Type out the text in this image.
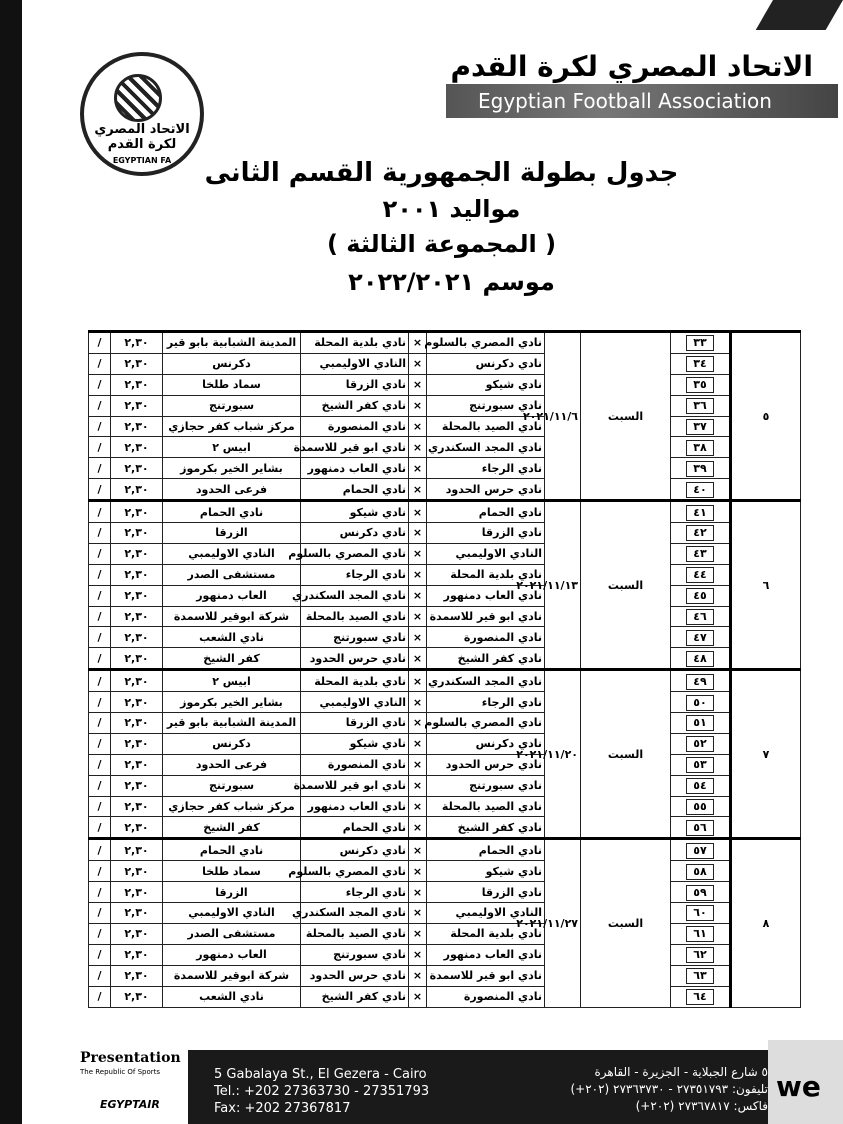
الاتحاد المصري لكرة القدم
EGYPTIAN FA
الاتحاد المصري لكرة القدم
Egyptian Football Association
جدول بطولة الجمهورية القسم الثانى
مواليد ٢٠٠١
( المجموعة الثالثة )
موسم ٢٠٢٢/٢٠٢١
٥	٣٣	السبت	٢٠٢١/١١/٦	نادي المصري بالسلوم	×	نادي بلدية المحلة	المدينة الشبابية بابو قير	٢,٣٠	/
	٣٤			نادي دكرنس	×	النادي الاوليمبي	دكرنس	٢,٣٠	/
	٣٥			نادي شيكو	×	نادي الزرقا	سماد طلخا	٢,٣٠	/
	٣٦			نادي سبورتنج	×	نادي كفر الشيخ	سبورتنج	٢,٣٠	/
	٣٧			نادي الصيد بالمحلة	×	نادي المنصورة	مركز شباب كفر حجازي	٢,٣٠	/
	٣٨			نادي المجد السكندري	×	نادي ابو قير للاسمدة	ابيس ٢	٢,٣٠	/
	٣٩			نادي الرجاء	×	نادي العاب دمنهور	بشاير الخير بكرموز	٢,٣٠	/
	٤٠			نادي حرس الحدود	×	نادي الحمام	فرعى الحدود	٢,٣٠	/
٦	٤١	السبت	٢٠٢١/١١/١٣	نادي الحمام	×	نادي شيكو	نادي الحمام	٢,٣٠	/
	٤٢			نادي الزرقا	×	نادي دكرنس	الزرقا	٢,٣٠	/
	٤٣			النادي الاوليمبي	×	نادي المصري بالسلوم	النادي الاوليمبي	٢,٣٠	/
	٤٤			نادي بلدية المحلة	×	نادي الرجاء	مستشفى الصدر	٢,٣٠	/
	٤٥			نادي العاب دمنهور	×	نادي المجد السكندري	العاب دمنهور	٢,٣٠	/
	٤٦			نادي ابو قير للاسمدة	×	نادي الصيد بالمحلة	شركة ابوقير للاسمدة	٢,٣٠	/
	٤٧			نادي المنصورة	×	نادي سبورتنج	نادي الشعب	٢,٣٠	/
	٤٨			نادي كفر الشيخ	×	نادي حرس الحدود	كفر الشيخ	٢,٣٠	/
٧	٤٩	السبت	٢٠٢١/١١/٢٠	نادي المجد السكندري	×	نادي بلدية المحلة	ابيس ٢	٢,٣٠	/
	٥٠			نادي الرجاء	×	النادي الاوليمبي	بشاير الخير بكرموز	٢,٣٠	/
	٥١			نادي المصري بالسلوم	×	نادي الزرقا	المدينة الشبابية بابو قير	٢,٣٠	/
	٥٢			نادي دكرنس	×	نادي شيكو	دكرنس	٢,٣٠	/
	٥٣			نادي حرس الحدود	×	نادي المنصورة	فرعى الحدود	٢,٣٠	/
	٥٤			نادي سبورتنج	×	نادي ابو قير للاسمدة	سبورتنج	٢,٣٠	/
	٥٥			نادي الصيد بالمحلة	×	نادي العاب دمنهور	مركز شباب كفر حجازي	٢,٣٠	/
	٥٦			نادي كفر الشيخ	×	نادي الحمام	كفر الشيخ	٢,٣٠	/
٨	٥٧	السبت	٢٠٢١/١١/٢٧	نادي الحمام	×	نادي دكرنس	نادي الحمام	٢,٣٠	/
	٥٨			نادي شيكو	×	نادي المصري بالسلوم	سماد طلخا	٢,٣٠	/
	٥٩			نادي الزرقا	×	نادي الرجاء	الزرقا	٢,٣٠	/
	٦٠			النادي الاوليمبي	×	نادي المجد السكندري	النادي الاوليمبي	٢,٣٠	/
	٦١			نادي بلدية المحلة	×	نادي الصيد بالمحلة	مستشفى الصدر	٢,٣٠	/
	٦٢			نادي العاب دمنهور	×	نادي سبورتنج	العاب دمنهور	٢,٣٠	/
	٦٣			نادي ابو قير للاسمدة	×	نادي حرس الحدود	شركة ابوقير للاسمدة	٢,٣٠	/
	٦٤			نادي المنصورة	×	نادي كفر الشيخ	نادي الشعب	٢,٣٠	/
Presentation
The Republic Of Sports
EGYPTAIR
5 Gabalaya St., El Gezera - Cairo
Tel.: +202 27363730 - 27351793
Fax: +202 27367817
٥ شارع الجبلاية - الجزيرة - القاهرة
تليفون: ٢٧٣٥١٧٩٣ - ٢٧٣٦٣٧٣٠ (٢٠٢+)
فاكس: ٢٧٣٦٧٨١٧ (٢٠٢+)
we
